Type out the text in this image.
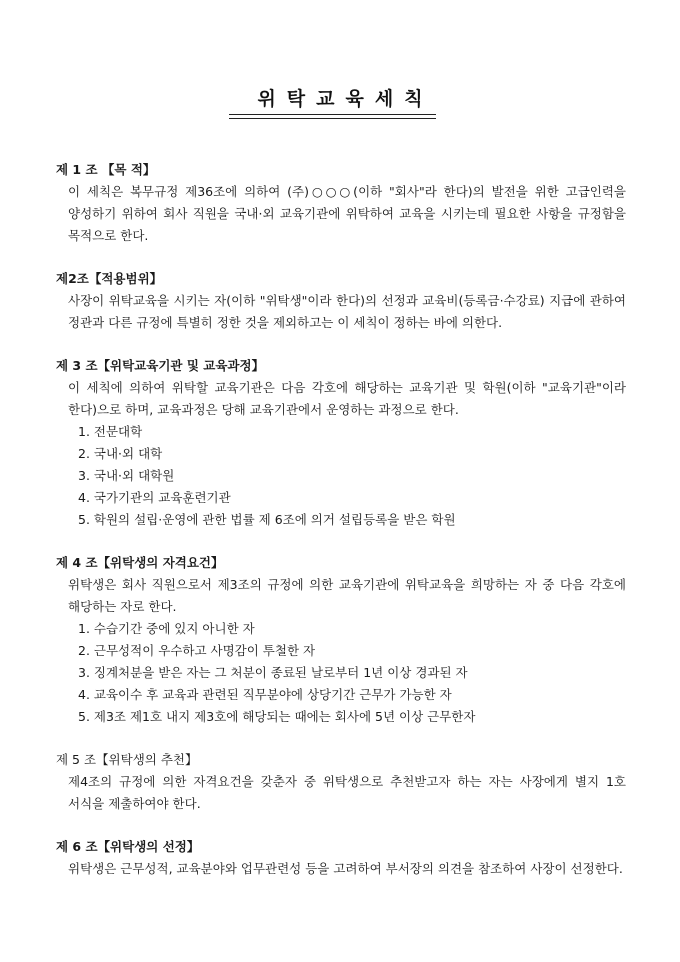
위탁교육세칙
제 1 조 【목 적】
이 세칙은 복무규정 제36조에 의하여 (주)○○○(이하 "회사"라 한다)의 발전을 위한 고급인력을 양성하기 위하여 회사 직원을 국내·외 교육기관에 위탁하여 교육을 시키는데 필요한 사항을 규정함을 목적으로 한다.
제2조【적용범위】
사장이 위탁교육을 시키는 자(이하 "위탁생"이라 한다)의 선정과 교육비(등록금·수강료) 지급에 관하여 정관과 다른 규정에 특별히 정한 것을 제외하고는 이 세칙이 정하는 바에 의한다.
제 3 조【위탁교육기관 및 교육과정】
이 세칙에 의하여 위탁할 교육기관은 다음 각호에 해당하는 교육기관 및 학원(이하 "교육기관"이라 한다)으로 하며, 교육과정은 당해 교육기관에서 운영하는 과정으로 한다.
1. 전문대학
2. 국내·외 대학
3. 국내·외 대학원
4. 국가기관의 교육훈련기관
5. 학원의 설립·운영에 관한 법률 제 6조에 의거 설립등록을 받은 학원
제 4 조【위탁생의 자격요건】
위탁생은 회사 직원으로서 제3조의 규정에 의한 교육기관에 위탁교육을 희망하는 자 중 다음 각호에 해당하는 자로 한다.
1. 수습기간 중에 있지 아니한 자
2. 근무성적이 우수하고 사명감이 투철한 자
3. 징계처분을 받은 자는 그 처분이 종료된 날로부터 1년 이상 경과된 자
4. 교육이수 후 교육과 관련된 직무분야에 상당기간 근무가 가능한 자
5. 제3조 제1호 내지 제3호에 해당되는 때에는 회사에 5년 이상 근무한자
제 5 조【위탁생의 추천】
제4조의 규정에 의한 자격요건을 갖춘자 중 위탁생으로 추천받고자 하는 자는 사장에게 별지 1호 서식을 제출하여야 한다.
제 6 조【위탁생의 선정】
위탁생은 근무성적, 교육분야와 업무관련성 등을 고려하여 부서장의 의견을 참조하여 사장이 선정한다.
